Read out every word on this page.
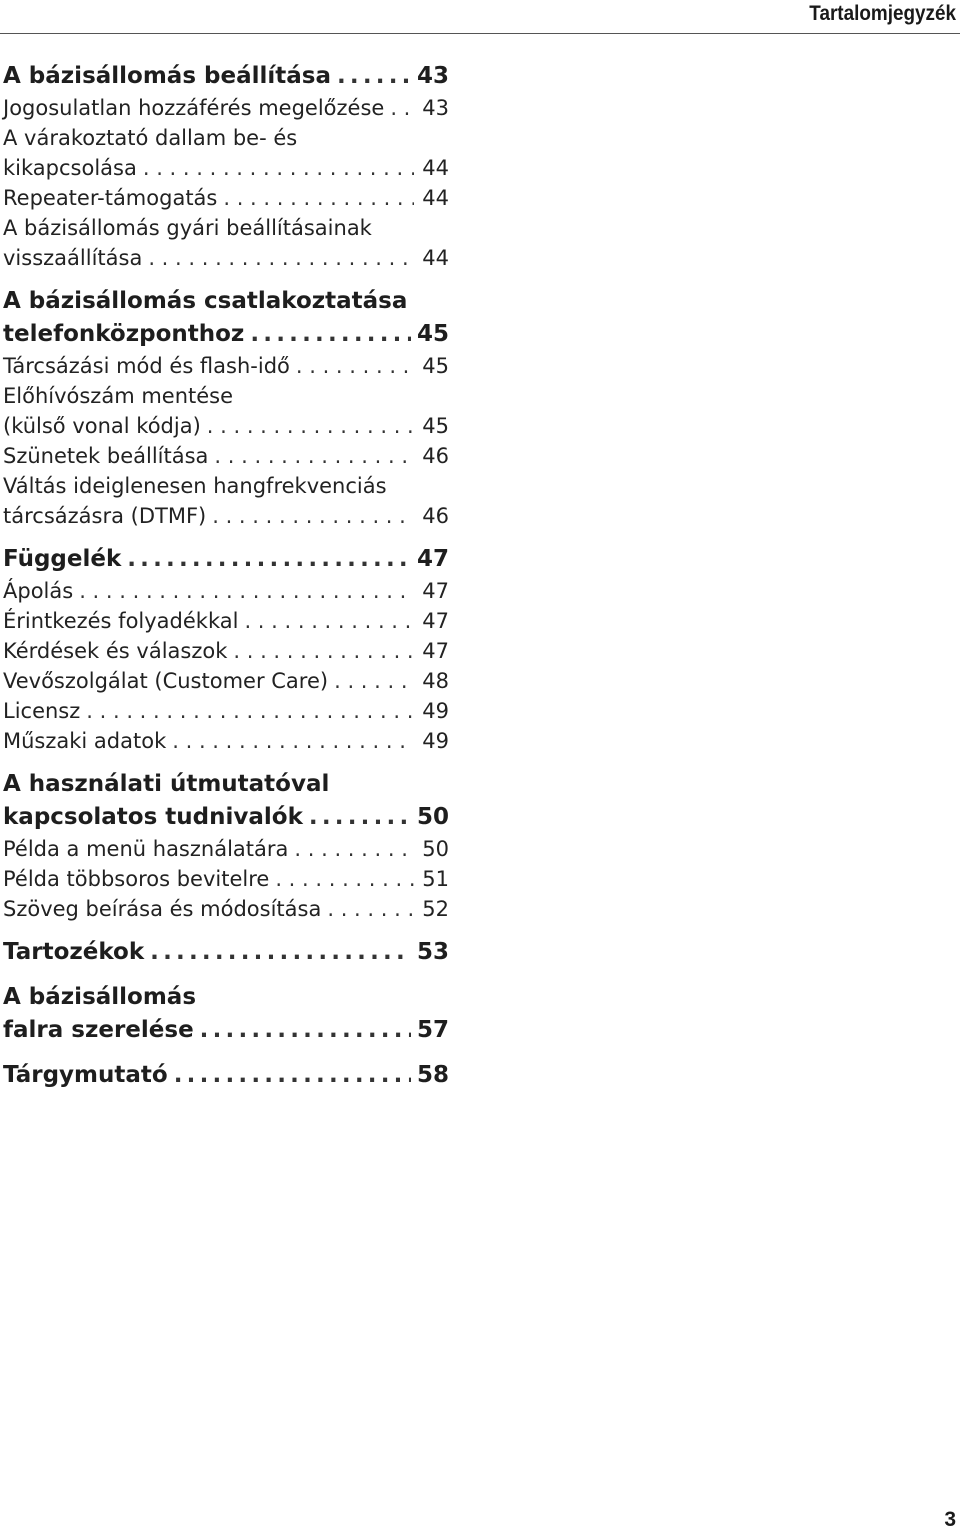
Tartalomjegyzék
A bázisállomás beállítása .....	43
Jogosulatlan hozzáférés megelőzése . . . 43
A várakoztató dallam be- és
kikapcsolása . . .	44
Repeater-támogatás . . .	44
A bázisállomás gyári beállításainak
visszaállítása . . .	44
A bázisállomás csatlakoztatása
telefonközponthoz .....	45
Tárcsázási mód és flash-idő . . .	45
Előhívószám mentése
(külső vonal kódja) . . .	45
Szünetek beállítása . . .	46
Váltás ideiglenesen hangfrekvenciás
tárcsázásra (DTMF) . . .	46
Függelék .....	47
Ápolás . . .	47
Érintkezés folyadékkal . . .	47
Kérdések és válaszok . . .	47
Vevőszolgálat (Customer Care) . . .	48
Licensz . . .	49
Műszaki adatok . . .	49
A használati útmutatóval
kapcsolatos tudnivalók .....	50
Példa a menü használatára . . .	50
Példa többsoros bevitelre . . .	51
Szöveg beírása és módosítása . . .	52
Tartozékok .....	53
A bázisállomás
falra szerelése .....	57
Tárgymutató .....	58
3
